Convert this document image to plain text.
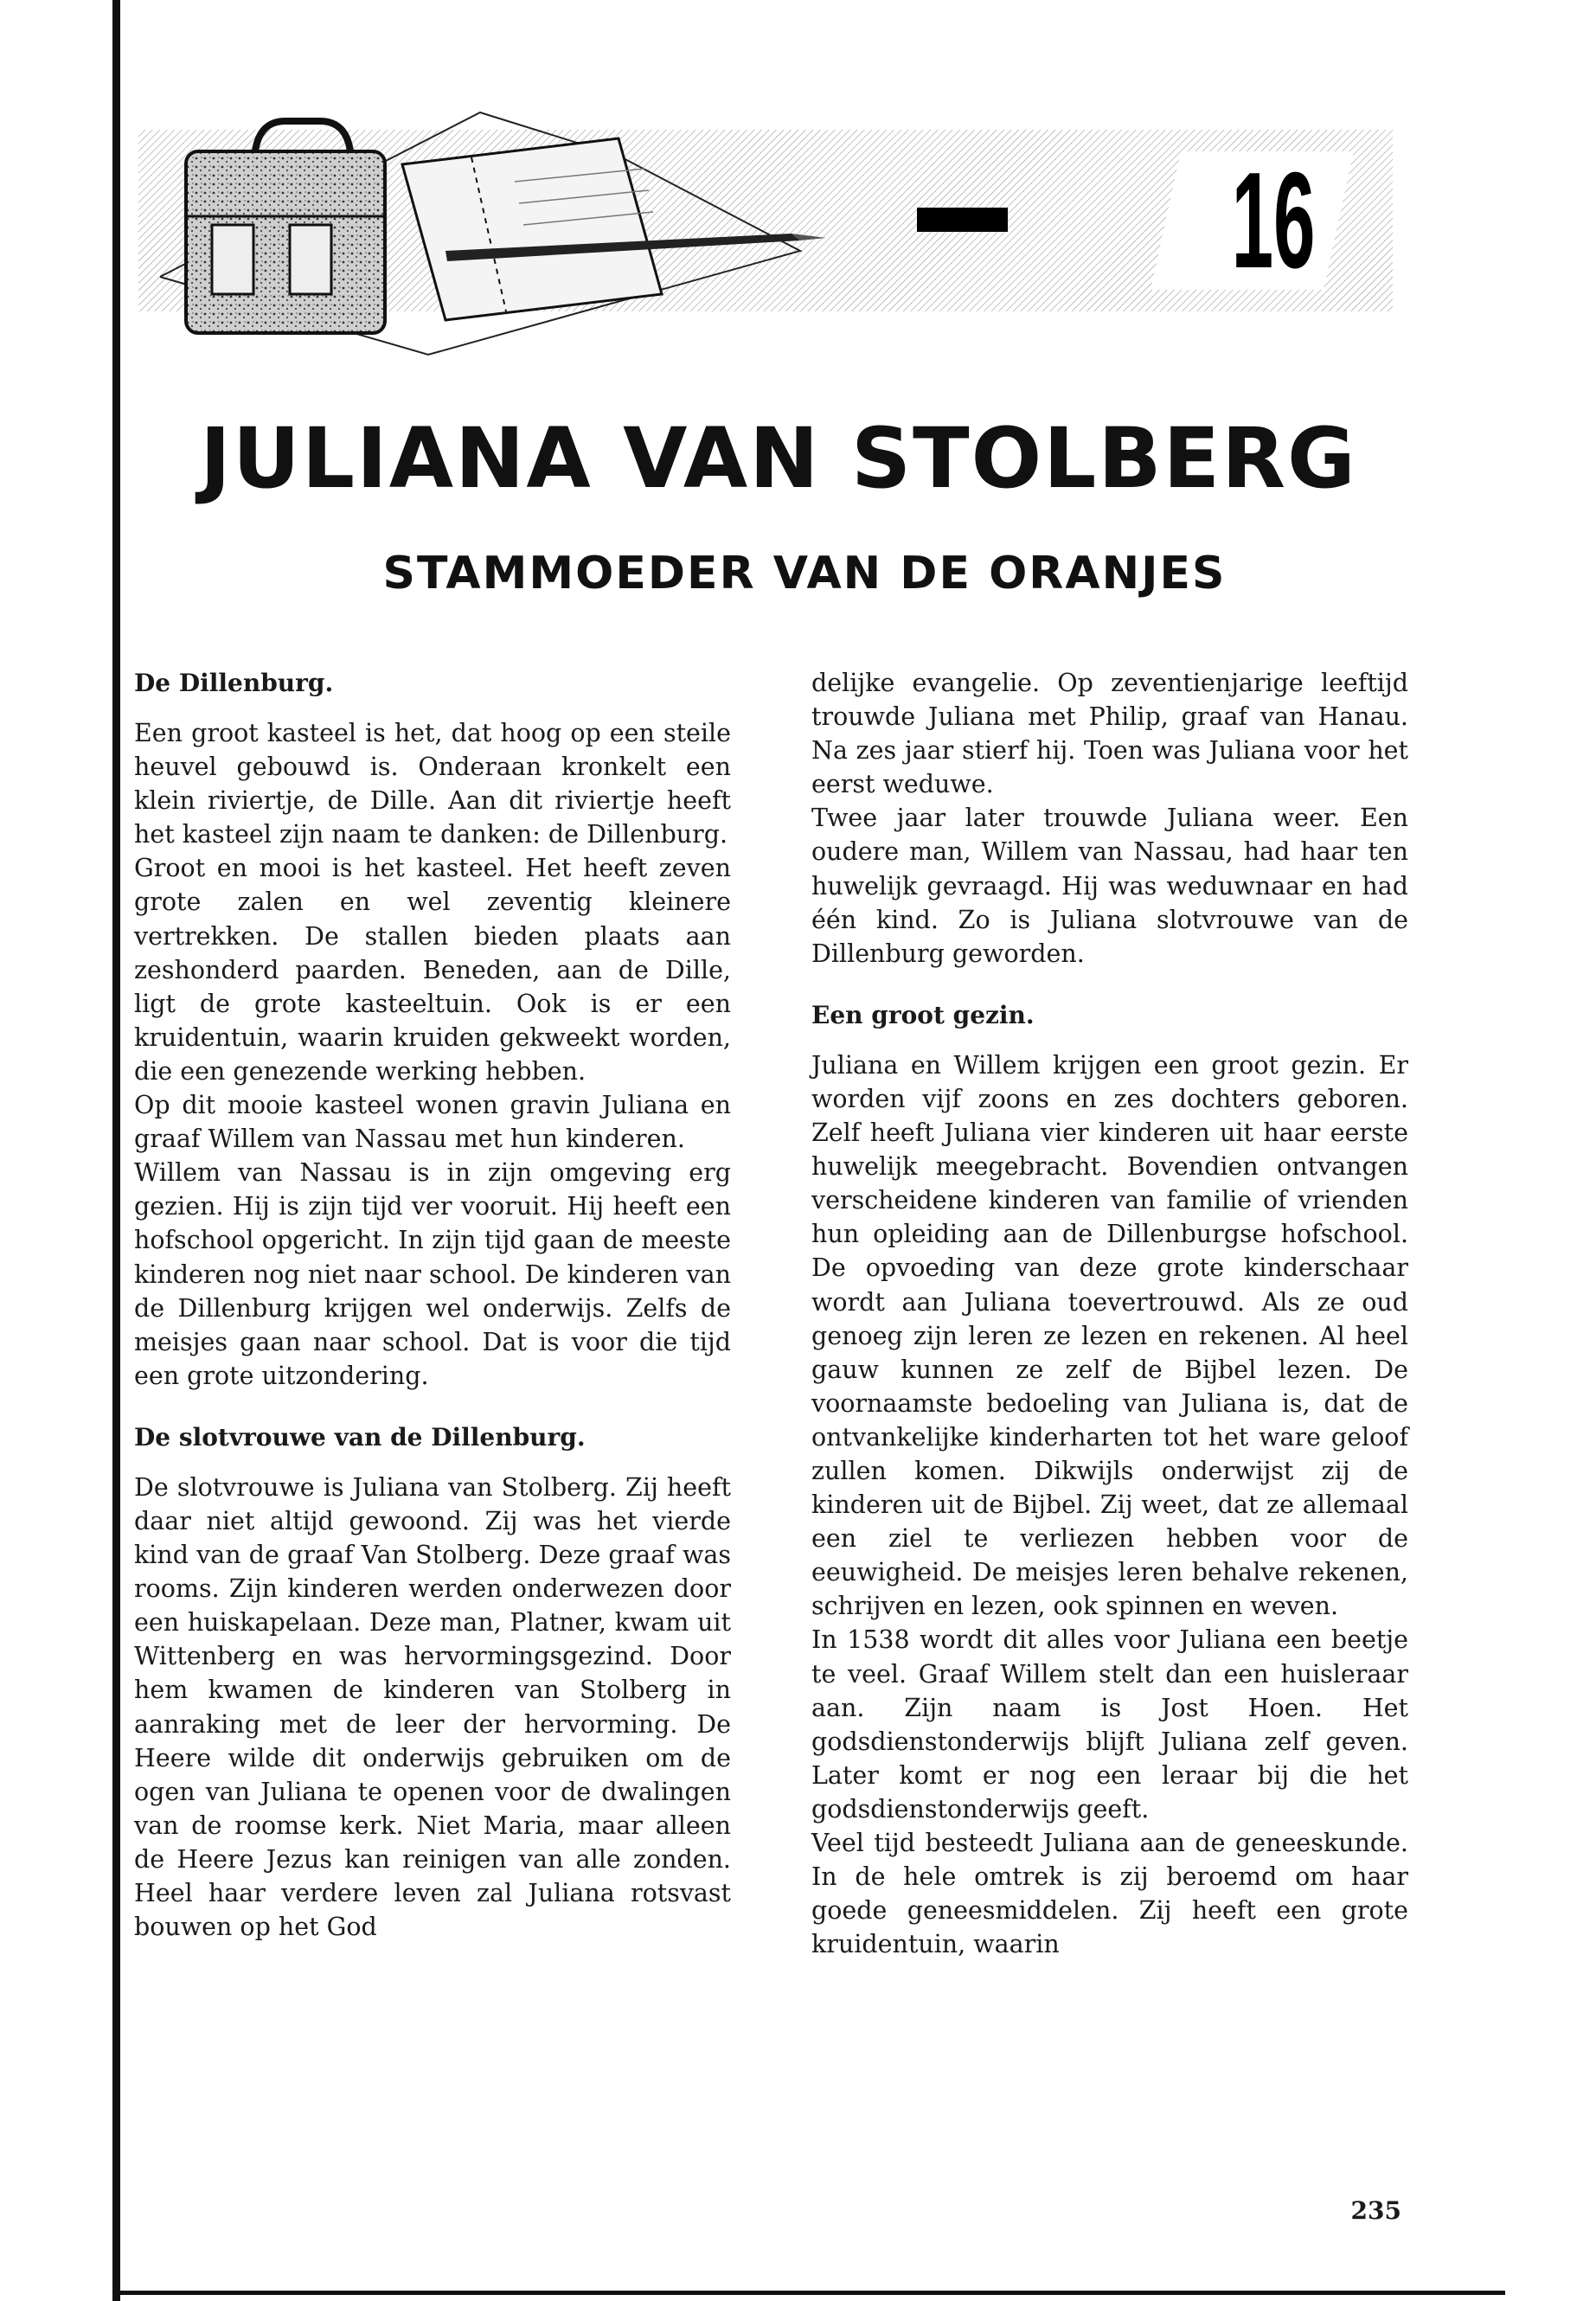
16
JULIANA VAN STOLBERG
STAMMOEDER VAN DE ORANJES

De Dillenburg.

Een groot kasteel is het, dat hoog op een steile heuvel gebouwd is. Onderaan kronkelt een klein riviertje, de Dille. Aan dit riviertje heeft het kasteel zijn naam te danken: de Dillenburg.

Groot en mooi is het kasteel. Het heeft zeven grote zalen en wel zeventig kleinere vertrekken. De stallen bieden plaats aan zeshonderd paarden. Beneden, aan de Dille, ligt de grote kasteeltuin. Ook is er een kruidentuin, waarin kruiden gekweekt worden, die een genezende werking hebben.

Op dit mooie kasteel wonen gravin Juliana en graaf Willem van Nassau met hun kinderen.

Willem van Nassau is in zijn omgeving erg gezien. Hij is zijn tijd ver vooruit. Hij heeft een hofschool opgericht. In zijn tijd gaan de meeste kinderen nog niet naar school. De kinderen van de Dillenburg krijgen wel onderwijs. Zelfs de meisjes gaan naar school. Dat is voor die tijd een grote uitzondering.

De slotvrouwe van de Dillenburg.

De slotvrouwe is Juliana van Stolberg. Zij heeft daar niet altijd gewoond. Zij was het vierde kind van de graaf Van Stolberg. Deze graaf was rooms. Zijn kinderen werden onderwezen door een huiskapelaan. Deze man, Platner, kwam uit Wittenberg en was hervormingsgezind. Door hem kwamen de kinderen van Stolberg in aanraking met de leer der hervorming. De Heere wilde dit onderwijs gebruiken om de ogen van Juliana te openen voor de dwalingen van de roomse kerk. Niet Maria, maar alleen de Heere Jezus kan reinigen van alle zonden. Heel haar verdere leven zal Juliana rotsvast bouwen op het God

delijke evangelie. Op zeventienjarige leeftijd trouwde Juliana met Philip, graaf van Hanau. Na zes jaar stierf hij. Toen was Juliana voor het eerst weduwe.

Twee jaar later trouwde Juliana weer. Een oudere man, Willem van Nassau, had haar ten huwelijk gevraagd. Hij was weduwnaar en had één kind. Zo is Juliana slotvrouwe van de Dillenburg geworden.

Een groot gezin.

Juliana en Willem krijgen een groot gezin. Er worden vijf zoons en zes dochters geboren. Zelf heeft Juliana vier kinderen uit haar eerste huwelijk meegebracht. Bovendien ontvangen verscheidene kinderen van familie of vrienden hun opleiding aan de Dillenburgse hofschool. De opvoeding van deze grote kinderschaar wordt aan Juliana toevertrouwd. Als ze oud genoeg zijn leren ze lezen en rekenen. Al heel gauw kunnen ze zelf de Bijbel lezen. De voornaamste bedoeling van Juliana is, dat de ontvankelijke kinderharten tot het ware geloof zullen komen. Dikwijls onderwijst zij de kinderen uit de Bijbel. Zij weet, dat ze allemaal een ziel te verliezen hebben voor de eeuwigheid. De meisjes leren behalve rekenen, schrijven en lezen, ook spinnen en weven.

In 1538 wordt dit alles voor Juliana een beetje te veel. Graaf Willem stelt dan een huisleraar aan. Zijn naam is Jost Hoen. Het godsdienstonderwijs blijft Juliana zelf geven. Later komt er nog een leraar bij die het godsdienstonderwijs geeft.

Veel tijd besteedt Juliana aan de geneeskunde. In de hele omtrek is zij beroemd om haar goede geneesmiddelen. Zij heeft een grote kruidentuin, waarin

235
